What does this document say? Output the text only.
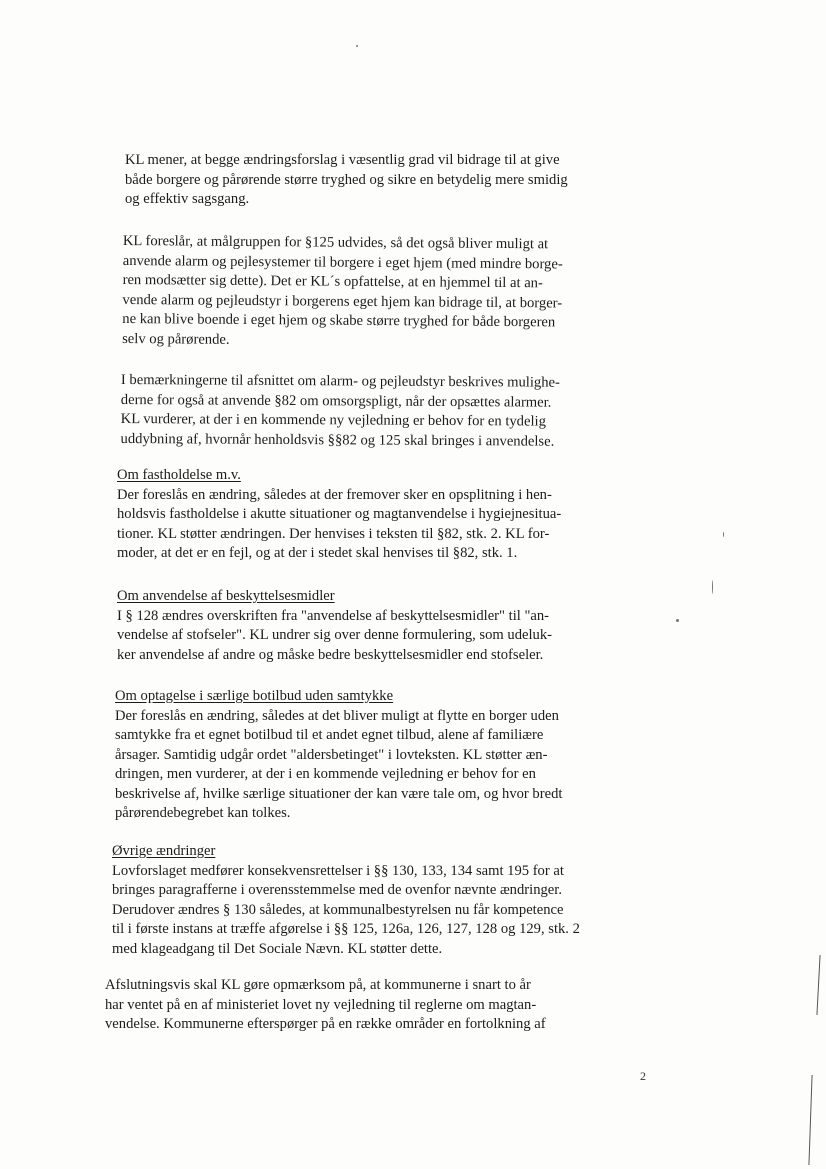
KL mener, at begge ændringsforslag i væsentlig grad vil bidrage til at give
både borgere og pårørende større tryghed og sikre en betydelig mere smidig
og effektiv sagsgang.
KL foreslår, at målgruppen for §125 udvides, så det også bliver muligt at
anvende alarm og pejlesystemer til borgere i eget hjem (med mindre borge-
ren modsætter sig dette). Det er KL´s opfattelse, at en hjemmel til at an-
vende alarm og pejleudstyr i borgerens eget hjem kan bidrage til, at borger-
ne kan blive boende i eget hjem og skabe større tryghed for både borgeren
selv og pårørende.
I bemærkningerne til afsnittet om alarm- og pejleudstyr beskrives mulighe-
derne for også at anvende §82 om omsorgspligt, når der opsættes alarmer.
KL vurderer, at der i en kommende ny vejledning er behov for en tydelig
uddybning af, hvornår henholdsvis §§82 og 125 skal bringes i anvendelse.
Om fastholdelse m.v.
Der foreslås en ændring, således at der fremover sker en opsplitning i hen-
holdsvis fastholdelse i akutte situationer og magtanvendelse i hygiejnesitua-
tioner. KL støtter ændringen. Der henvises i teksten til §82, stk. 2. KL for-
moder, at det er en fejl, og at der i stedet skal henvises til §82, stk. 1.
Om anvendelse af beskyttelsesmidler
I § 128 ændres overskriften fra "anvendelse af beskyttelsesmidler" til "an-
vendelse af stofseler". KL undrer sig over denne formulering, som udeluk-
ker anvendelse af andre og måske bedre beskyttelsesmidler end stofseler.
Om optagelse i særlige botilbud uden samtykke
Der foreslås en ændring, således at det bliver muligt at flytte en borger uden
samtykke fra et egnet botilbud til et andet egnet tilbud, alene af familiære
årsager. Samtidig udgår ordet "aldersbetinget" i lovteksten. KL støtter æn-
dringen, men vurderer, at der i en kommende vejledning er behov for en
beskrivelse af, hvilke særlige situationer der kan være tale om, og hvor bredt
pårørendebegrebet kan tolkes.
Øvrige ændringer
Lovforslaget medfører konsekvensrettelser i §§ 130, 133, 134 samt 195 for at
bringes paragrafferne i overensstemmelse med de ovenfor nævnte ændringer.
Derudover ændres § 130 således, at kommunalbestyrelsen nu får kompetence
til i første instans at træffe afgørelse i §§ 125, 126a, 126, 127, 128 og 129, stk. 2
med klageadgang til Det Sociale Nævn. KL støtter dette.
Afslutningsvis skal KL gøre opmærksom på, at kommunerne i snart to år
har ventet på en af ministeriet lovet ny vejledning til reglerne om magtan-
vendelse. Kommunerne efterspørger på en række områder en fortolkning af
2
